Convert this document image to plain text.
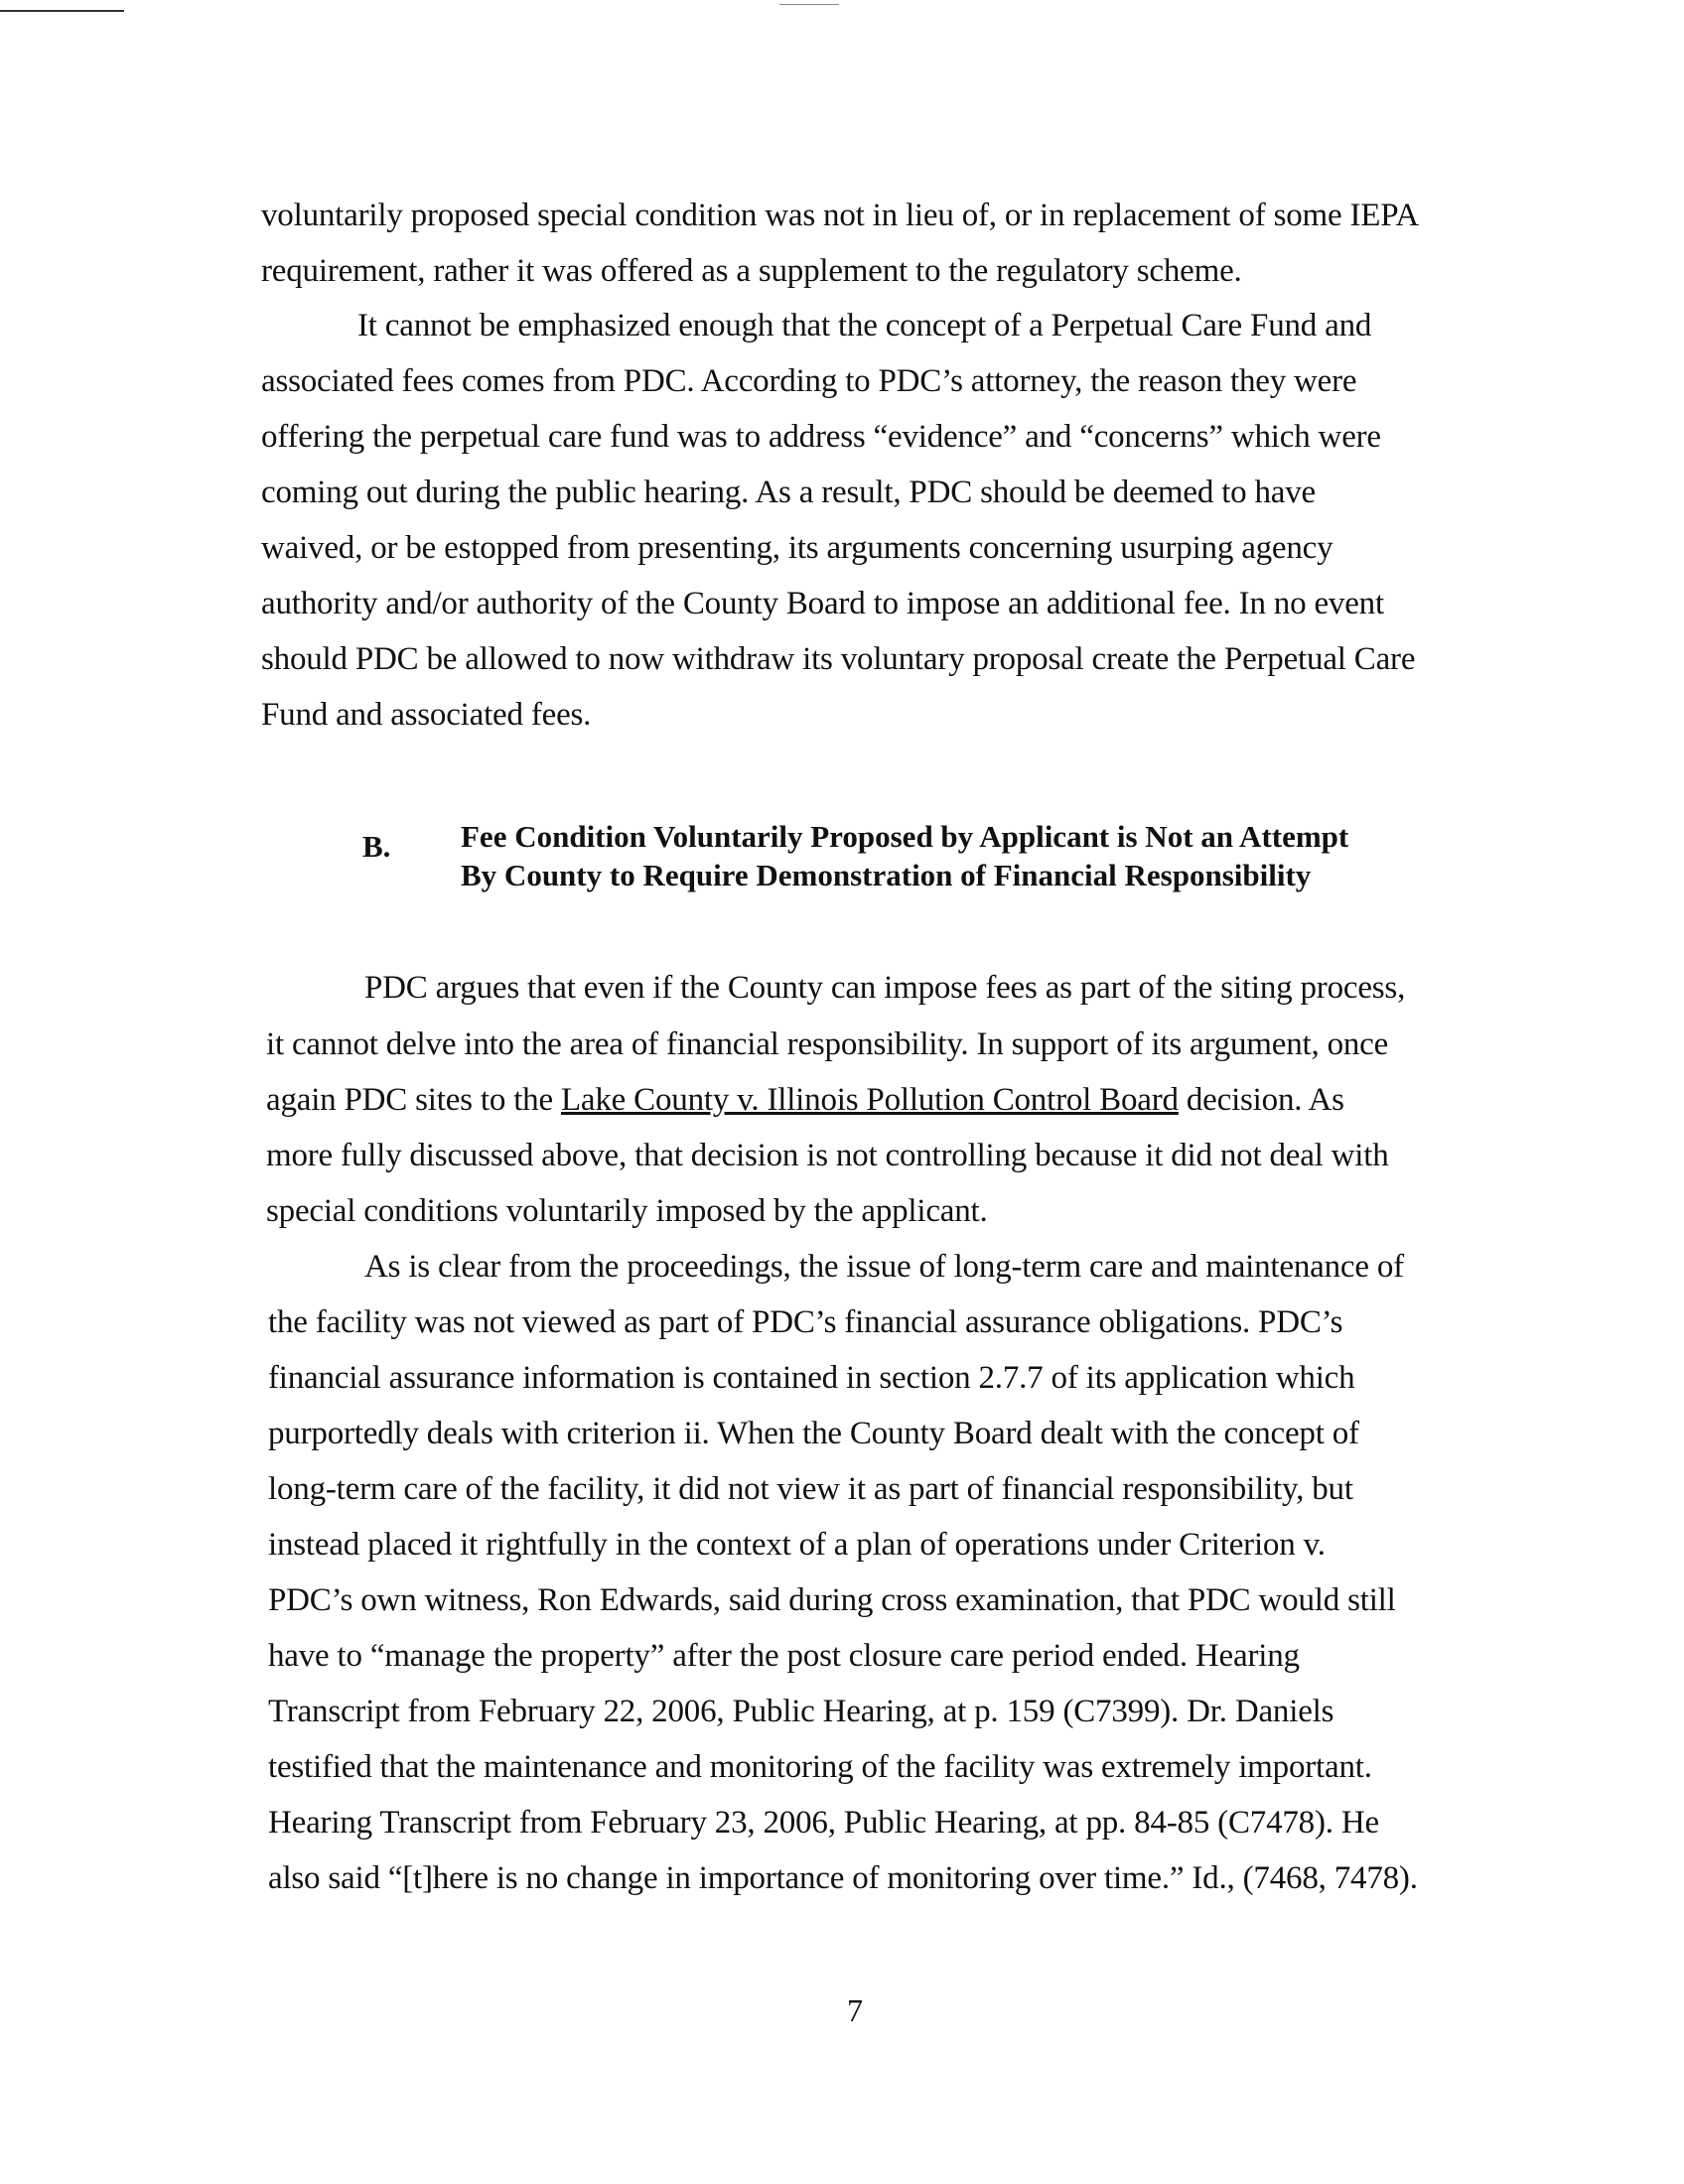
voluntarily proposed special condition was not in lieu of, or in replacement of some IEPA
requirement, rather it was offered as a supplement to the regulatory scheme.
It cannot be emphasized enough that the concept of a Perpetual Care Fund and
associated fees comes from PDC. According to PDC’s attorney, the reason they were
offering the perpetual care fund was to address “evidence” and “concerns” which were
coming out during the public hearing. As a result, PDC should be deemed to have
waived, or be estopped from presenting, its arguments concerning usurping agency
authority and/or authority of the County Board to impose an additional fee. In no event
should PDC be allowed to now withdraw its voluntary proposal create the Perpetual Care
Fund and associated fees.
B. Fee Condition Voluntarily Proposed by Applicant is Not an Attempt
By County to Require Demonstration of Financial Responsibility
PDC argues that even if the County can impose fees as part of the siting process,
it cannot delve into the area of financial responsibility. In support of its argument, once
again PDC sites to the Lake County v. Illinois Pollution Control Board decision. As
more fully discussed above, that decision is not controlling because it did not deal with
special conditions voluntarily imposed by the applicant.
As is clear from the proceedings, the issue of long-term care and maintenance of
the facility was not viewed as part of PDC’s financial assurance obligations. PDC’s
financial assurance information is contained in section 2.7.7 of its application which
purportedly deals with criterion ii. When the County Board dealt with the concept of
long-term care of the facility, it did not view it as part of financial responsibility, but
instead placed it rightfully in the context of a plan of operations under Criterion v.
PDC’s own witness, Ron Edwards, said during cross examination, that PDC would still
have to “manage the property” after the post closure care period ended. Hearing
Transcript from February 22, 2006, Public Hearing, at p. 159 (C7399). Dr. Daniels
testified that the maintenance and monitoring of the facility was extremely important.
Hearing Transcript from February 23, 2006, Public Hearing, at pp. 84-85 (C7478). He
also said “[t]here is no change in importance of monitoring over time.” Id., (7468, 7478).
7
